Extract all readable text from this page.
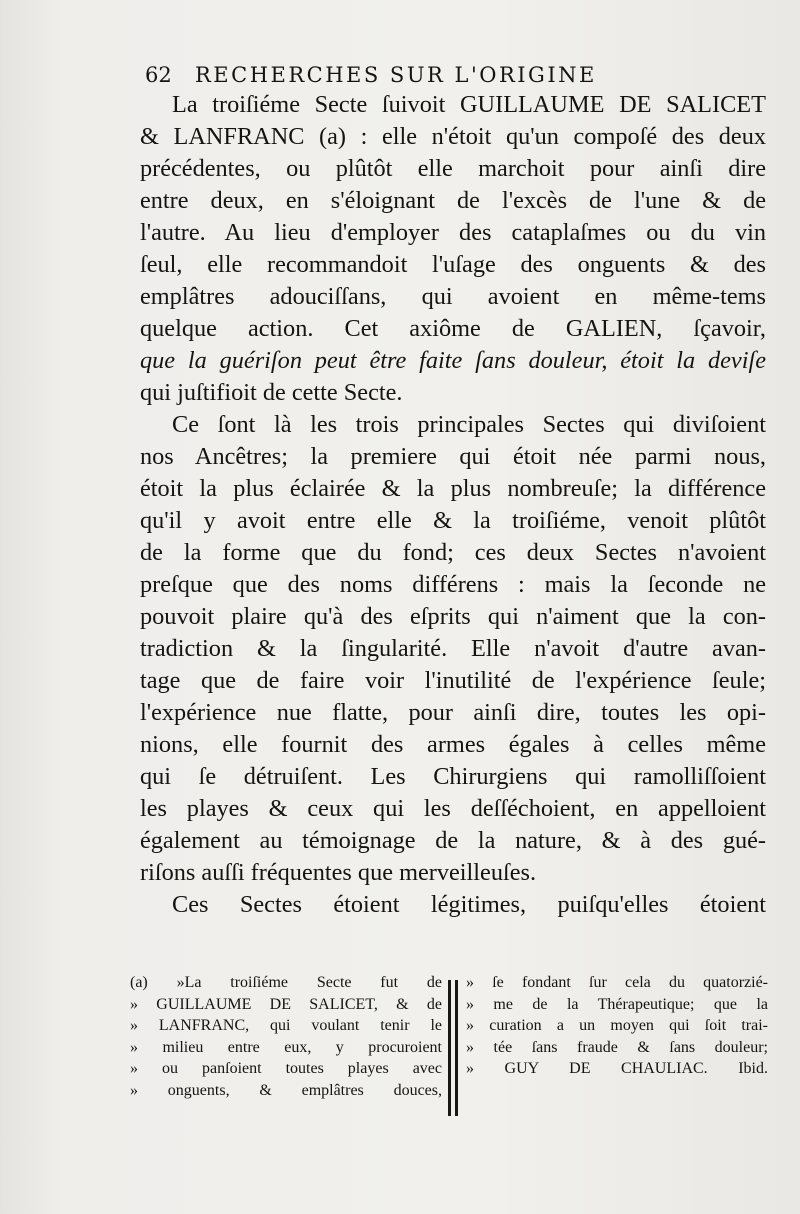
62 RECHERCHES SUR L'ORIGINE
La troiſiéme Secte ſuivoit GUILLAUME DE SALICET
& LANFRANC (a) : elle n'étoit qu'un compoſé des deux
précédentes, ou plûtôt elle marchoit pour ainſi dire
entre deux, en s'éloignant de l'excès de l'une & de
l'autre. Au lieu d'employer des cataplaſmes ou du vin
ſeul, elle recommandoit l'uſage des onguents & des
emplâtres adouciſſans, qui avoient en même-tems
quelque action. Cet axiôme de GALIEN, ſçavoir,
que la guériſon peut être faite ſans douleur, étoit la deviſe
qui juſtifioit de cette Secte.
Ce ſont là les trois principales Sectes qui diviſoient
nos Ancêtres; la premiere qui étoit née parmi nous,
étoit la plus éclairée & la plus nombreuſe; la différence
qu'il y avoit entre elle & la troiſiéme, venoit plûtôt
de la forme que du fond; ces deux Sectes n'avoient
preſque que des noms différens : mais la ſeconde ne
pouvoit plaire qu'à des eſprits qui n'aiment que la con-
tradiction & la ſingularité. Elle n'avoit d'autre avan-
tage que de faire voir l'inutilité de l'expérience ſeule;
l'expérience nue flatte, pour ainſi dire, toutes les opi-
nions, elle fournit des armes égales à celles même
qui ſe détruiſent. Les Chirurgiens qui ramolliſſoient
les playes & ceux qui les deſſéchoient, en appelloient
également au témoignage de la nature, & à des gué-
riſons auſſi fréquentes que merveilleuſes.
Ces Sectes étoient légitimes, puiſqu'elles étoient
(a) »La troiſiéme Secte fut de
» GUILLAUME DE SALICET, & de
» LANFRANC, qui voulant tenir le
» milieu entre eux, y procuroient
» ou panſoient toutes playes avec
» onguents, & emplâtres douces,
» ſe fondant ſur cela du quatorzié-
» me de la Thérapeutique; que la
» curation a un moyen qui ſoit trai-
» tée ſans fraude & ſans douleur;
» GUY DE CHAULIAC. Ibid.
